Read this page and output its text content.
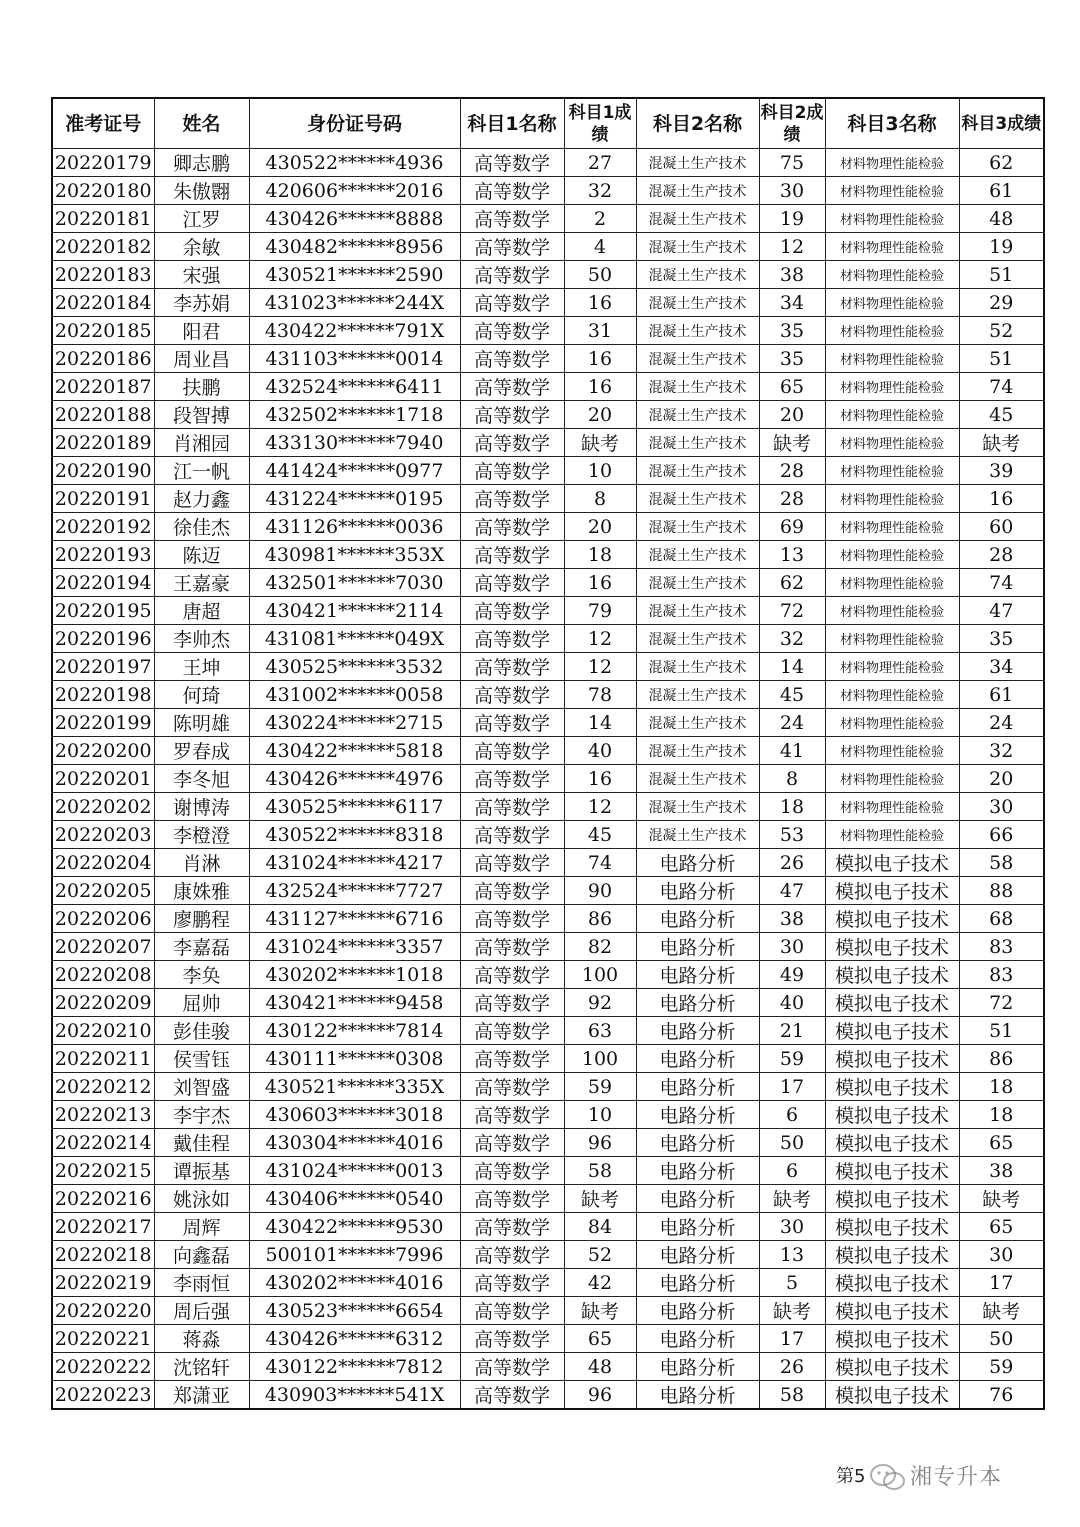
准考证号	姓名	身份证号码	科目1名称	科目1成绩	科目2名称	科目2成绩	科目3名称	科目3成绩
20220179	卿志鹏	430522******4936	高等数学	27	混凝土生产技术	75	材料物理性能检验	62
20220180	朱傲翾	420606******2016	高等数学	32	混凝土生产技术	30	材料物理性能检验	61
20220181	江罗	430426******8888	高等数学	2	混凝土生产技术	19	材料物理性能检验	48
20220182	余敏	430482******8956	高等数学	4	混凝土生产技术	12	材料物理性能检验	19
20220183	宋强	430521******2590	高等数学	50	混凝土生产技术	38	材料物理性能检验	51
20220184	李苏娟	431023******244X	高等数学	16	混凝土生产技术	34	材料物理性能检验	29
20220185	阳君	430422******791X	高等数学	31	混凝土生产技术	35	材料物理性能检验	52
20220186	周业昌	431103******0014	高等数学	16	混凝土生产技术	35	材料物理性能检验	51
20220187	扶鹏	432524******6411	高等数学	16	混凝土生产技术	65	材料物理性能检验	74
20220188	段智搏	432502******1718	高等数学	20	混凝土生产技术	20	材料物理性能检验	45
20220189	肖湘园	433130******7940	高等数学	缺考	混凝土生产技术	缺考	材料物理性能检验	缺考
20220190	江一帆	441424******0977	高等数学	10	混凝土生产技术	28	材料物理性能检验	39
20220191	赵力鑫	431224******0195	高等数学	8	混凝土生产技术	28	材料物理性能检验	16
20220192	徐佳杰	431126******0036	高等数学	20	混凝土生产技术	69	材料物理性能检验	60
20220193	陈迈	430981******353X	高等数学	18	混凝土生产技术	13	材料物理性能检验	28
20220194	王嘉豪	432501******7030	高等数学	16	混凝土生产技术	62	材料物理性能检验	74
20220195	唐超	430421******2114	高等数学	79	混凝土生产技术	72	材料物理性能检验	47
20220196	李帅杰	431081******049X	高等数学	12	混凝土生产技术	32	材料物理性能检验	35
20220197	王坤	430525******3532	高等数学	12	混凝土生产技术	14	材料物理性能检验	34
20220198	何琦	431002******0058	高等数学	78	混凝土生产技术	45	材料物理性能检验	61
20220199	陈明雄	430224******2715	高等数学	14	混凝土生产技术	24	材料物理性能检验	24
20220200	罗春成	430422******5818	高等数学	40	混凝土生产技术	41	材料物理性能检验	32
20220201	李冬旭	430426******4976	高等数学	16	混凝土生产技术	8	材料物理性能检验	20
20220202	谢博涛	430525******6117	高等数学	12	混凝土生产技术	18	材料物理性能检验	30
20220203	李橙澄	430522******8318	高等数学	45	混凝土生产技术	53	材料物理性能检验	66
20220204	肖淋	431024******4217	高等数学	74	电路分析	26	模拟电子技术	58
20220205	康姝雅	432524******7727	高等数学	90	电路分析	47	模拟电子技术	88
20220206	廖鹏程	431127******6716	高等数学	86	电路分析	38	模拟电子技术	68
20220207	李嘉磊	431024******3357	高等数学	82	电路分析	30	模拟电子技术	83
20220208	李奂	430202******1018	高等数学	100	电路分析	49	模拟电子技术	83
20220209	屈帅	430421******9458	高等数学	92	电路分析	40	模拟电子技术	72
20220210	彭佳骏	430122******7814	高等数学	63	电路分析	21	模拟电子技术	51
20220211	侯雪钰	430111******0308	高等数学	100	电路分析	59	模拟电子技术	86
20220212	刘智盛	430521******335X	高等数学	59	电路分析	17	模拟电子技术	18
20220213	李宇杰	430603******3018	高等数学	10	电路分析	6	模拟电子技术	18
20220214	戴佳程	430304******4016	高等数学	96	电路分析	50	模拟电子技术	65
20220215	谭振基	431024******0013	高等数学	58	电路分析	6	模拟电子技术	38
20220216	姚泳如	430406******0540	高等数学	缺考	电路分析	缺考	模拟电子技术	缺考
20220217	周辉	430422******9530	高等数学	84	电路分析	30	模拟电子技术	65
20220218	向鑫磊	500101******7996	高等数学	52	电路分析	13	模拟电子技术	30
20220219	李雨恒	430202******4016	高等数学	42	电路分析	5	模拟电子技术	17
20220220	周后强	430523******6654	高等数学	缺考	电路分析	缺考	模拟电子技术	缺考
20220221	蒋淼	430426******6312	高等数学	65	电路分析	17	模拟电子技术	50
20220222	沈铭轩	430122******7812	高等数学	48	电路分析	26	模拟电子技术	59
20220223	郑潇亚	430903******541X	高等数学	96	电路分析	58	模拟电子技术	76
第5 湘专升本
